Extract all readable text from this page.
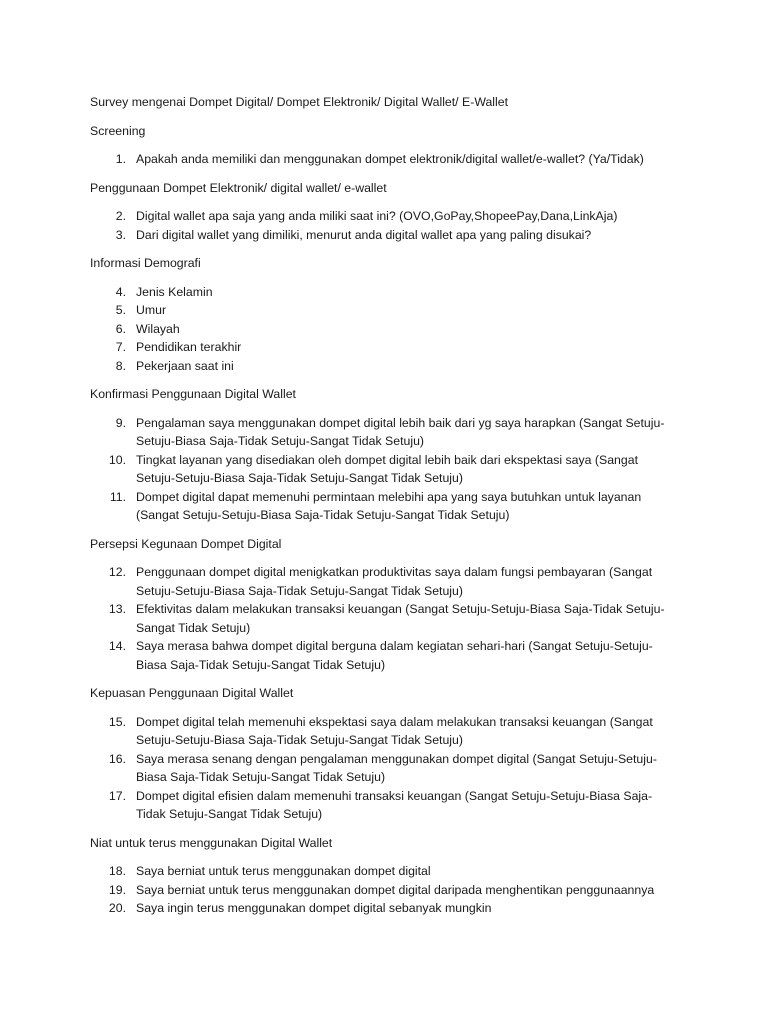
Survey mengenai Dompet Digital/ Dompet Elektronik/ Digital Wallet/ E-Wallet

Screening

1. Apakah anda memiliki dan menggunakan dompet elektronik/digital wallet/e-wallet? (Ya/Tidak)

Penggunaan Dompet Elektronik/ digital wallet/ e-wallet

2. Digital wallet apa saja yang anda miliki saat ini? (OVO,GoPay,ShopeePay,Dana,LinkAja)
3. Dari digital wallet yang dimiliki, menurut anda digital wallet apa yang paling disukai?

Informasi Demografi

4. Jenis Kelamin
5. Umur
6. Wilayah
7. Pendidikan terakhir
8. Pekerjaan saat ini

Konfirmasi Penggunaan Digital Wallet

9. Pengalaman saya menggunakan dompet digital lebih baik dari yg saya harapkan (Sangat Setuju-Setuju-Biasa Saja-Tidak Setuju-Sangat Tidak Setuju)
10. Tingkat layanan yang disediakan oleh dompet digital lebih baik dari ekspektasi saya (Sangat Setuju-Setuju-Biasa Saja-Tidak Setuju-Sangat Tidak Setuju)
11. Dompet digital dapat memenuhi permintaan melebihi apa yang saya butuhkan untuk layanan (Sangat Setuju-Setuju-Biasa Saja-Tidak Setuju-Sangat Tidak Setuju)

Persepsi Kegunaan Dompet Digital

12. Penggunaan dompet digital menigkatkan produktivitas saya dalam fungsi pembayaran (Sangat Setuju-Setuju-Biasa Saja-Tidak Setuju-Sangat Tidak Setuju)
13. Efektivitas dalam melakukan transaksi keuangan (Sangat Setuju-Setuju-Biasa Saja-Tidak Setuju-Sangat Tidak Setuju)
14. Saya merasa bahwa dompet digital berguna dalam kegiatan sehari-hari (Sangat Setuju-Setuju-Biasa Saja-Tidak Setuju-Sangat Tidak Setuju)

Kepuasan Penggunaan Digital Wallet

15. Dompet digital telah memenuhi ekspektasi saya dalam melakukan transaksi keuangan (Sangat Setuju-Setuju-Biasa Saja-Tidak Setuju-Sangat Tidak Setuju)
16. Saya merasa senang dengan pengalaman menggunakan dompet digital (Sangat Setuju-Setuju-Biasa Saja-Tidak Setuju-Sangat Tidak Setuju)
17. Dompet digital efisien dalam memenuhi transaksi keuangan (Sangat Setuju-Setuju-Biasa Saja-Tidak Setuju-Sangat Tidak Setuju)

Niat untuk terus menggunakan Digital Wallet

18. Saya berniat untuk terus menggunakan dompet digital
19. Saya berniat untuk terus menggunakan dompet digital daripada menghentikan penggunaannya
20. Saya ingin terus menggunakan dompet digital sebanyak mungkin
